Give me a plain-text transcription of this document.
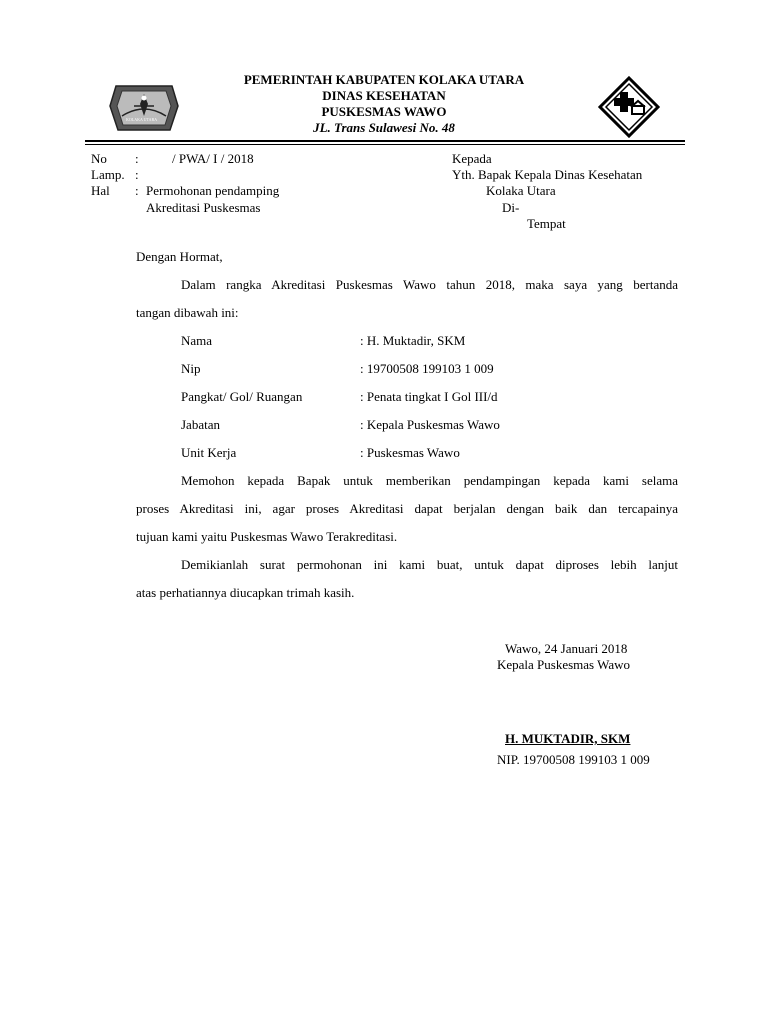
KOLAKA UTARA
PEMERINTAH KABUPATEN KOLAKA UTARA
DINAS KESEHATAN
PUSKESMAS WAWO
JL. Trans Sulawesi No. 48
No :	/ PWA/ I / 2018
Lamp. :
Hal : Permohonan pendamping
Akreditasi Puskesmas
Kepada
Yth. Bapak Kepala Dinas Kesehatan
Kolaka Utara
Di-
Tempat
Dengan Hormat,
Dalam rangka Akreditasi Puskesmas Wawo tahun 2018, maka saya yang bertanda
tangan dibawah ini:
Nama	: H. Muktadir, SKM
Nip	: 19700508 199103 1 009
Pangkat/ Gol/ Ruangan	: Penata tingkat I Gol III/d
Jabatan	: Kepala Puskesmas Wawo
Unit Kerja	: Puskesmas Wawo
Memohon kepada Bapak untuk memberikan pendampingan kepada kami selama
proses Akreditasi ini, agar proses Akreditasi dapat berjalan dengan baik dan tercapainya
tujuan kami yaitu Puskesmas Wawo Terakreditasi.
Demikianlah surat permohonan ini kami buat, untuk dapat diproses lebih lanjut
atas perhatiannya diucapkan trimah kasih.
Wawo, 24 Januari 2018
Kepala Puskesmas Wawo
H. MUKTADIR, SKM
NIP. 19700508 199103 1 009
